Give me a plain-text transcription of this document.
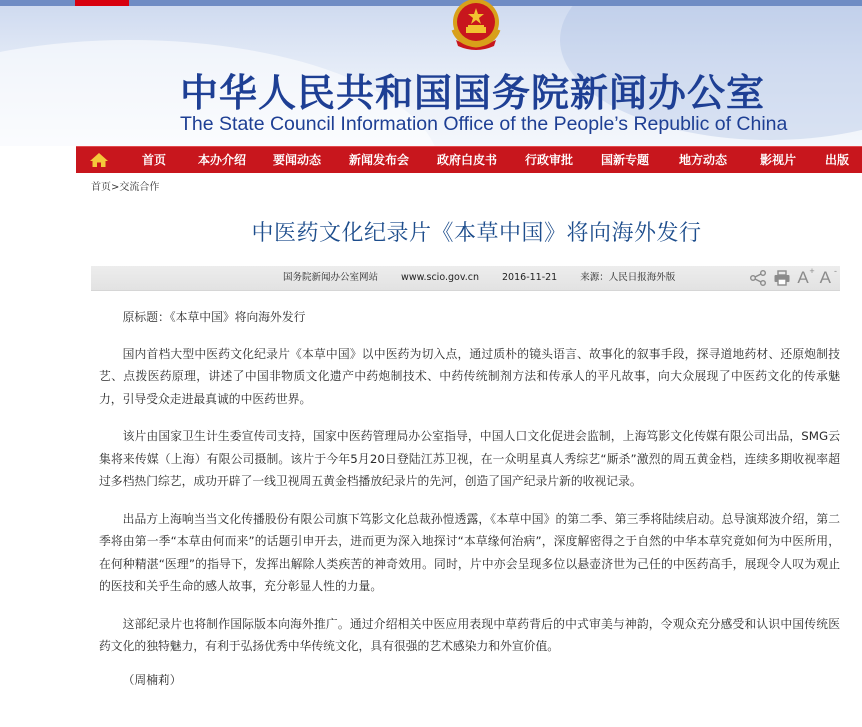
中华人民共和国国务院新闻办公室
The State Council Information Office of the People’s Republic of China
首页	本办介绍	要闻动态	新闻发布会	政府白皮书	行政审批	国新专题	地方动态	影视片	出版
首页>交流合作
中医药文化纪录片《本草中国》将向海外发行
国务院新闻办公室网站 www.scio.gov.cn 2016-11-21 来源：人民日报海外版	A+ A -

原标题：《本草中国》将向海外发行

国内首档大型中医药文化纪录片《本草中国》以中医药为切入点，通过质朴的镜头语言、故事化的叙事手段，探寻道地药材、还原炮制技艺、点拨医药原理，讲述了中国非物质文化遗产中药炮制技术、中药传统制剂方法和传承人的平凡故事，向大众展现了中医药文化的传承魅力，引导受众走进最真诚的中医药世界。

该片由国家卫生计生委宣传司支持，国家中医药管理局办公室指导，中国人口文化促进会监制，上海笃影文化传媒有限公司出品，SMG云集将来传媒（上海）有限公司摄制。该片于今年5月20日登陆江苏卫视，在一众明星真人秀综艺“厮杀”激烈的周五黄金档，连续多期收视率超过多档热门综艺，成功开辟了一线卫视周五黄金档播放纪录片的先河，创造了国产纪录片新的收视记录。

出品方上海响当当文化传播股份有限公司旗下笃影文化总裁孙愷透露，《本草中国》的第二季、第三季将陆续启动。总导演郑波介绍，第二季将由第一季“本草由何而来”的话题引申开去，进而更为深入地探讨“本草缘何治病”，深度解密得之于自然的中华本草究竟如何为中医所用，在何种精湛“医理”的指导下，发挥出解除人类疾苦的神奇效用。同时，片中亦会呈现多位以悬壶济世为己任的中医药高手，展现令人叹为观止的医技和关乎生命的感人故事，充分彰显人性的力量。

这部纪录片也将制作国际版本向海外推广。通过介绍相关中医应用表现中草药背后的中式审美与神韵，令观众充分感受和认识中国传统医药文化的独特魅力，有利于弘扬优秀中华传统文化，具有很强的艺术感染力和外宣价值。

（周楠莉）
